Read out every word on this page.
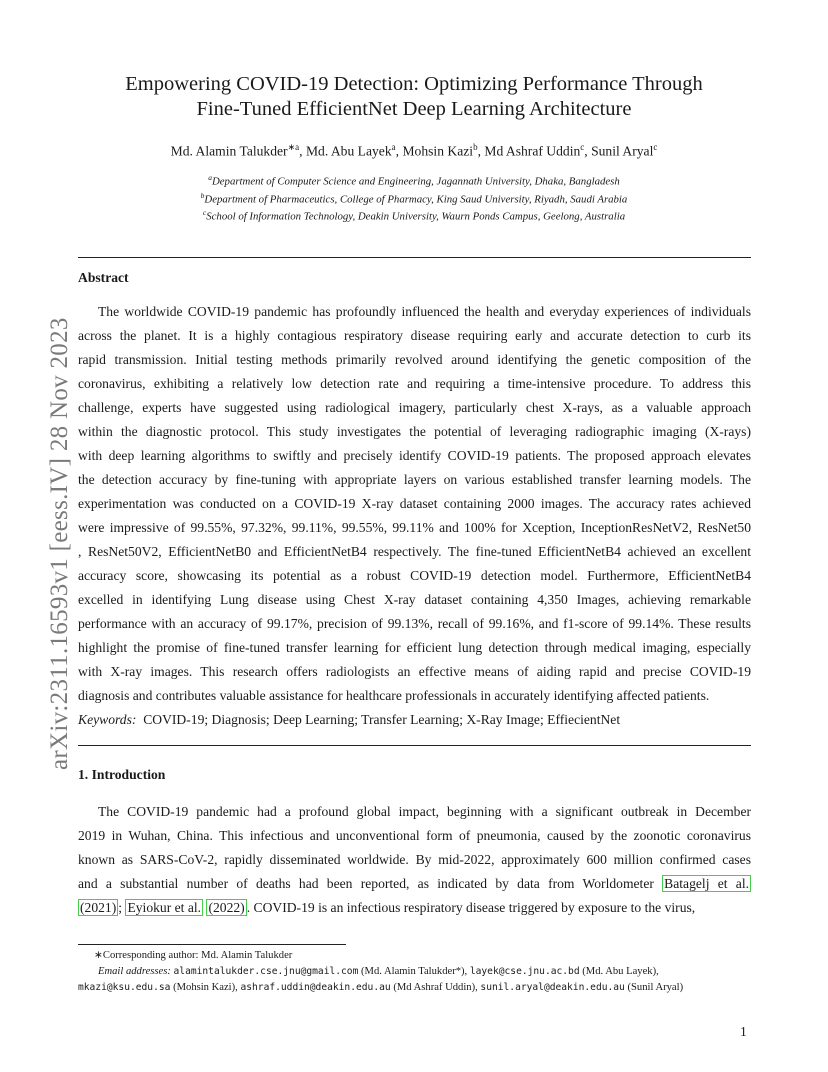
arXiv:2311.16593v1 [eess.IV] 28 Nov 2023
Empowering COVID-19 Detection: Optimizing Performance Through
Fine-Tuned EfficientNet Deep Learning Architecture
Md. Alamin Talukder$^{∗a}$, Md. Abu Layek$^a$, Mohsin Kazi$^b$, Md Ashraf Uddin$^c$, Sunil Aryal$^c$
$^a$Department of Computer Science and Engineering, Jagannath University, Dhaka, Bangladesh
$^b$Department of Pharmaceutics, College of Pharmacy, King Saud University, Riyadh, Saudi Arabia
$^c$School of Information Technology, Deakin University, Waurn Ponds Campus, Geelong, Australia
Abstract
The worldwide COVID-19 pandemic has profoundly influenced the health and everyday experiences of individuals
across the planet. It is a highly contagious respiratory disease requiring early and accurate detection to curb its
rapid transmission. Initial testing methods primarily revolved around identifying the genetic composition of the
coronavirus, exhibiting a relatively low detection rate and requiring a time-intensive procedure. To address this
challenge, experts have suggested using radiological imagery, particularly chest X-rays, as a valuable approach
within the diagnostic protocol. This study investigates the potential of leveraging radiographic imaging (X-rays)
with deep learning algorithms to swiftly and precisely identify COVID-19 patients. The proposed approach elevates
the detection accuracy by fine-tuning with appropriate layers on various established transfer learning models. The
experimentation was conducted on a COVID-19 X-ray dataset containing 2000 images. The accuracy rates achieved
were impressive of 99.55%, 97.32%, 99.11%, 99.55%, 99.11% and 100% for Xception, InceptionResNetV2, ResNet50
, ResNet50V2, EfficientNetB0 and EfficientNetB4 respectively. The fine-tuned EfficientNetB4 achieved an excellent
accuracy score, showcasing its potential as a robust COVID-19 detection model. Furthermore, EfficientNetB4
excelled in identifying Lung disease using Chest X-ray dataset containing 4,350 Images, achieving remarkable
performance with an accuracy of 99.17%, precision of 99.13%, recall of 99.16%, and f1-score of 99.14%. These results
highlight the promise of fine-tuned transfer learning for efficient lung detection through medical imaging, especially
with X-ray images. This research offers radiologists an effective means of aiding rapid and precise COVID-19
diagnosis and contributes valuable assistance for healthcare professionals in accurately identifying affected patients.
Keywords: COVID-19; Diagnosis; Deep Learning; Transfer Learning; X-Ray Image; EffiecientNet
1. Introduction
The COVID-19 pandemic had a profound global impact, beginning with a significant outbreak in December
2019 in Wuhan, China. This infectious and unconventional form of pneumonia, caused by the zoonotic coronavirus
known as SARS-CoV-2, rapidly disseminated worldwide. By mid-2022, approximately 600 million confirmed cases
and a substantial number of deaths had been reported, as indicated by data from Worldometer Batagelj et al.
(2021) ; Eyiokur et al. (2022) . COVID-19 is an infectious respiratory disease triggered by exposure to the virus,
∗Corresponding author: Md. Alamin Talukder
Email addresses: alamintalukder.cse.jnu@gmail.com (Md. Alamin Talukder*), layek@cse.jnu.ac.bd (Md. Abu Layek),
mkazi@ksu.edu.sa (Mohsin Kazi), ashraf.uddin@deakin.edu.au (Md Ashraf Uddin), sunil.aryal@deakin.edu.au (Sunil Aryal)
1
